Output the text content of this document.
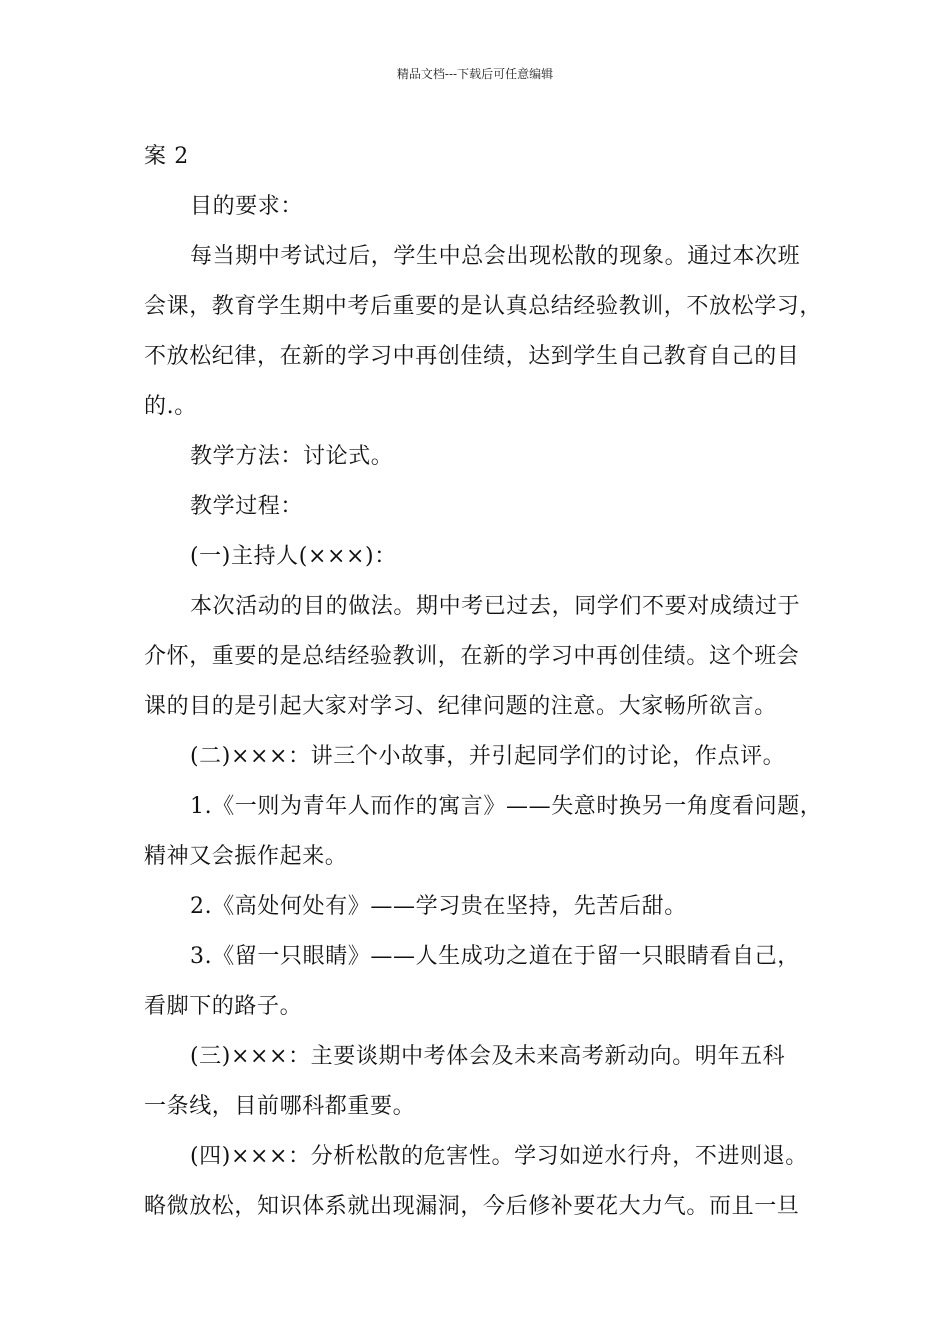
精品文档---下载后可任意编辑
案 2
目的要求：
每当期中考试过后，学生中总会出现松散的现象。通过本次班
会课，教育学生期中考后重要的是认真总结经验教训，不放松学习，
不放松纪律，在新的学习中再创佳绩，达到学生自己教育自己的目
的.。
教学方法：讨论式。
教学过程：
(一)主持人(×××)：
本次活动的目的做法。期中考已过去，同学们不要对成绩过于
介怀，重要的是总结经验教训，在新的学习中再创佳绩。这个班会
课的目的是引起大家对学习、纪律问题的注意。大家畅所欲言。
(二)×××：讲三个小故事，并引起同学们的讨论，作点评。
1.《一则为青年人而作的寓言》——失意时换另一角度看问题，
精神又会振作起来。
2.《高处何处有》——学习贵在坚持，先苦后甜。
3.《留一只眼睛》——人生成功之道在于留一只眼睛看自己，
看脚下的路子。
(三)×××：主要谈期中考体会及未来高考新动向。明年五科
一条线，目前哪科都重要。
(四)×××：分析松散的危害性。学习如逆水行舟，不进则退。
略微放松，知识体系就出现漏洞，今后修补要花大力气。而且一旦
